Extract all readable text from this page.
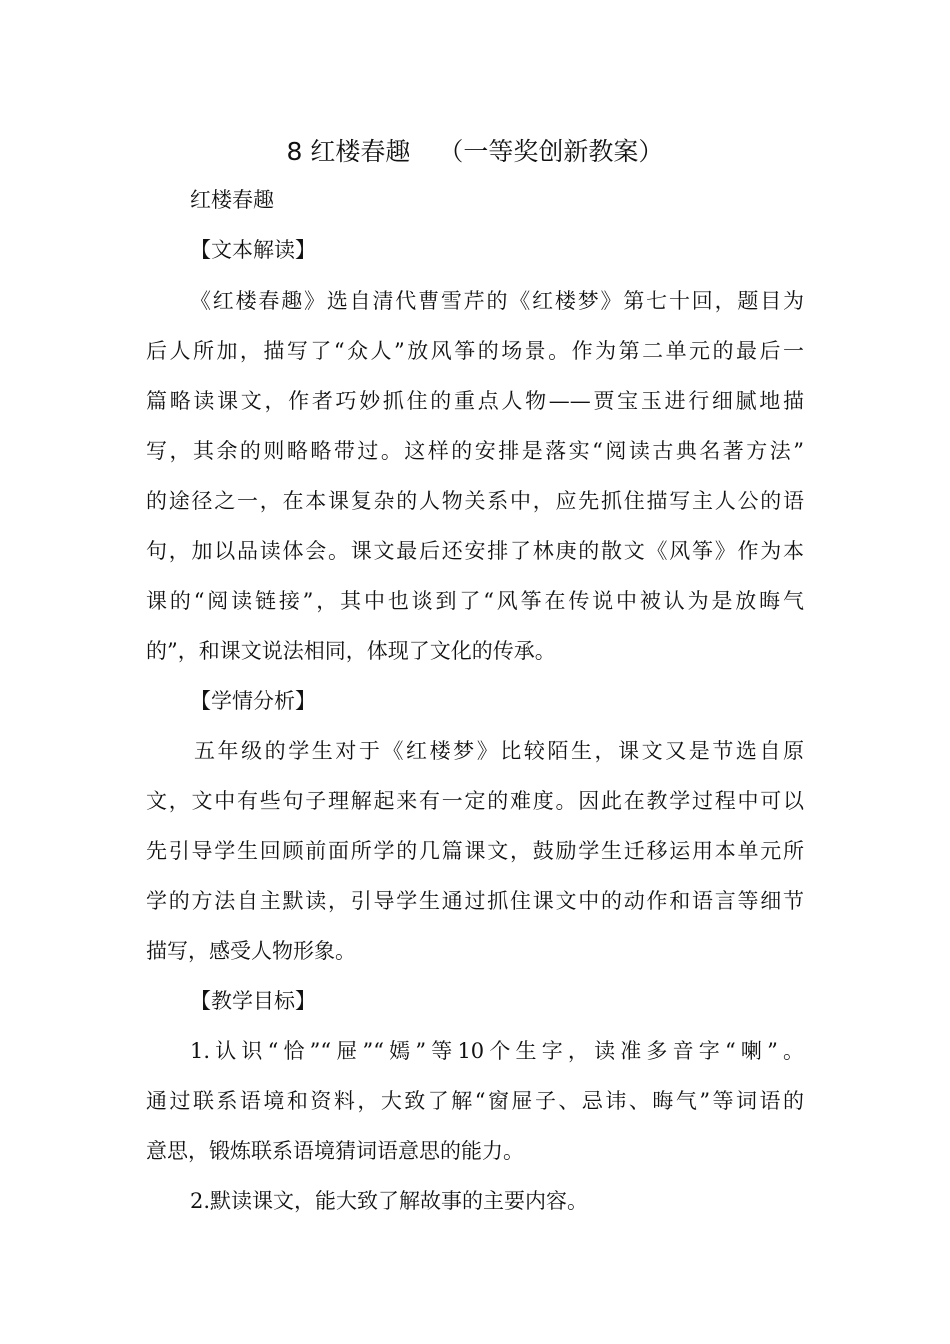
8 红楼春趣 （一等奖创新教案）
红楼春趣
【文本解读】
《红楼春趣》选自清代曹雪芹的《红楼梦》第七十回，题目为
后人所加，描写了“众人”放风筝的场景。作为第二单元的最后一
篇略读课文，作者巧妙抓住的重点人物——贾宝玉进行细腻地描
写，其余的则略略带过。这样的安排是落实“阅读古典名著方法”
的途径之一，在本课复杂的人物关系中，应先抓住描写主人公的语
句，加以品读体会。课文最后还安排了林庚的散文《风筝》作为本
课的“阅读链接”，其中也谈到了“风筝在传说中被认为是放晦气
的”，和课文说法相同，体现了文化的传承。
【学情分析】
五年级的学生对于《红楼梦》比较陌生，课文又是节选自原
文，文中有些句子理解起来有一定的难度。因此在教学过程中可以
先引导学生回顾前面所学的几篇课文，鼓励学生迁移运用本单元所
学的方法自主默读，引导学生通过抓住课文中的动作和语言等细节
描写，感受人物形象。
【教学目标】
1.认识“恰”“屉”“嫣”等10个生字，读准多音字“喇”。
通过联系语境和资料，大致了解“窗屉子、忌讳、晦气”等词语的
意思，锻炼联系语境猜词语意思的能力。
2.默读课文，能大致了解故事的主要内容。
